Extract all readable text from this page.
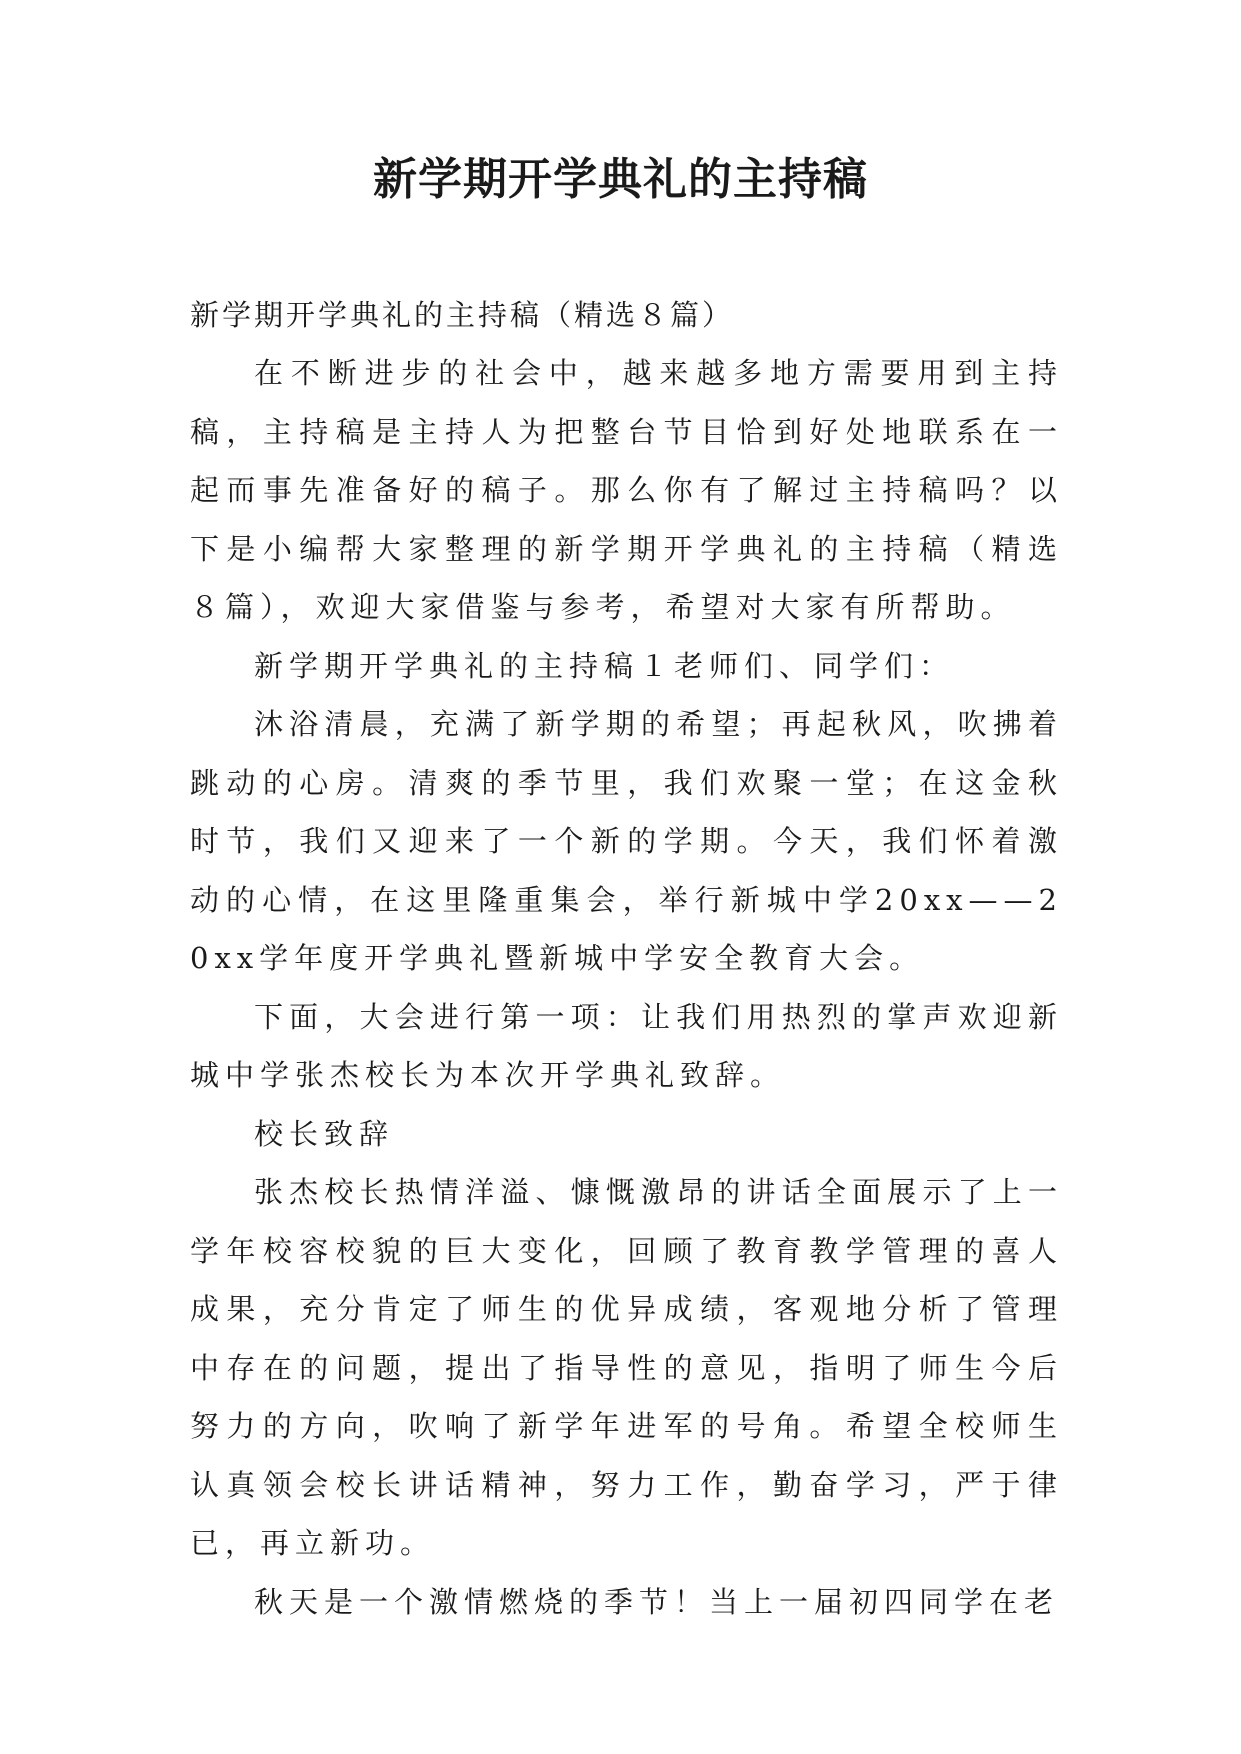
新学期开学典礼的主持稿
新学期开学典礼的主持稿（精选８篇）

在不断进步的社会中，越来越多地方需要用到主持稿，主持稿是主持人为把整台节目恰到好处地联系在一起而事先准备好的稿子。那么你有了解过主持稿吗？以下是小编帮大家整理的新学期开学典礼的主持稿（精选８篇），欢迎大家借鉴与参考，希望对大家有所帮助。

新学期开学典礼的主持稿１老师们、同学们：

沐浴清晨，充满了新学期的希望；再起秋风，吹拂着跳动的心房。清爽的季节里，我们欢聚一堂；在这金秋时节，我们又迎来了一个新的学期。今天，我们怀着激动的心情，在这里隆重集会，举行新城中学20xx——20xx学年度开学典礼暨新城中学安全教育大会。

下面，大会进行第一项：让我们用热烈的掌声欢迎新城中学张杰校长为本次开学典礼致辞。

校长致辞

张杰校长热情洋溢、慷慨激昂的讲话全面展示了上一学年校容校貌的巨大变化，回顾了教育教学管理的喜人成果，充分肯定了师生的优异成绩，客观地分析了管理中存在的问题，提出了指导性的意见，指明了师生今后努力的方向，吹响了新学年进军的号角。希望全校师生认真领会校长讲话精神，努力工作，勤奋学习，严于律已，再立新功。

秋天是一个激情燃烧的季节！当上一届初四同学在老
